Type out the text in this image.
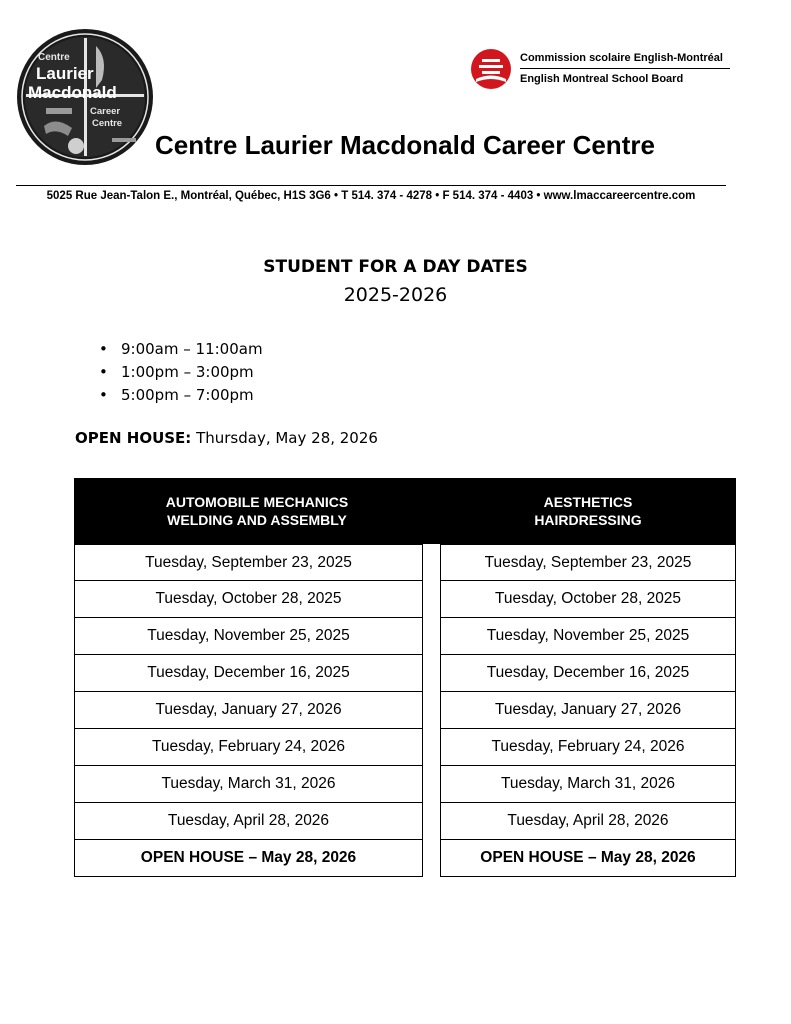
Centre
Laurier
Macdonald
Career
Centre
Commission scolaire English-Montréal
English Montreal School Board
Centre Laurier Macdonald Career Centre
5025 Rue Jean-Talon E., Montréal, Québec, H1S 3G6 • T 514. 374 - 4278 • F 514. 374 - 4403 • www.lmaccareercentre.com
STUDENT FOR A DAY DATES
2025-2026
• 9:00am – 11:00am
• 1:00pm – 3:00pm
• 5:00pm – 7:00pm
OPEN HOUSE: Thursday, May 28, 2026
AUTOMOBILE MECHANICS
WELDING AND ASSEMBLY
Tuesday, September 23, 2025
Tuesday, October 28, 2025
Tuesday, November 25, 2025
Tuesday, December 16, 2025
Tuesday, January 27, 2026
Tuesday, February 24, 2026
Tuesday, March 31, 2026
Tuesday, April 28, 2026
OPEN HOUSE – May 28, 2026
AESTHETICS
HAIRDRESSING
Tuesday, September 23, 2025
Tuesday, October 28, 2025
Tuesday, November 25, 2025
Tuesday, December 16, 2025
Tuesday, January 27, 2026
Tuesday, February 24, 2026
Tuesday, March 31, 2026
Tuesday, April 28, 2026
OPEN HOUSE – May 28, 2026
